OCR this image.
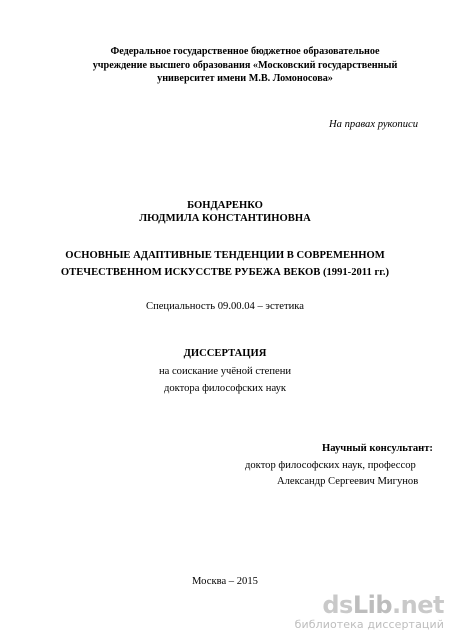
Федеральное государственное бюджетное образовательное
учреждение высшего образования «Московский государственный
университет имени М.В. Ломоносова»
На правах рукописи
БОНДАРЕНКО
ЛЮДМИЛА КОНСТАНТИНОВНА
ОСНОВНЫЕ АДАПТИВНЫЕ ТЕНДЕНЦИИ В СОВРЕМЕННОМ
ОТЕЧЕСТВЕННОМ ИСКУССТВЕ РУБЕЖА ВЕКОВ (1991-2011 гг.)
Специальность 09.00.04 – эстетика
ДИССЕРТАЦИЯ
на соискание учёной степени
доктора философских наук
Научный консультант:
доктор философских наук, профессор
Александр Сергеевич Мигунов
Москва – 2015
dsLib.net
библиотека диссертаций
